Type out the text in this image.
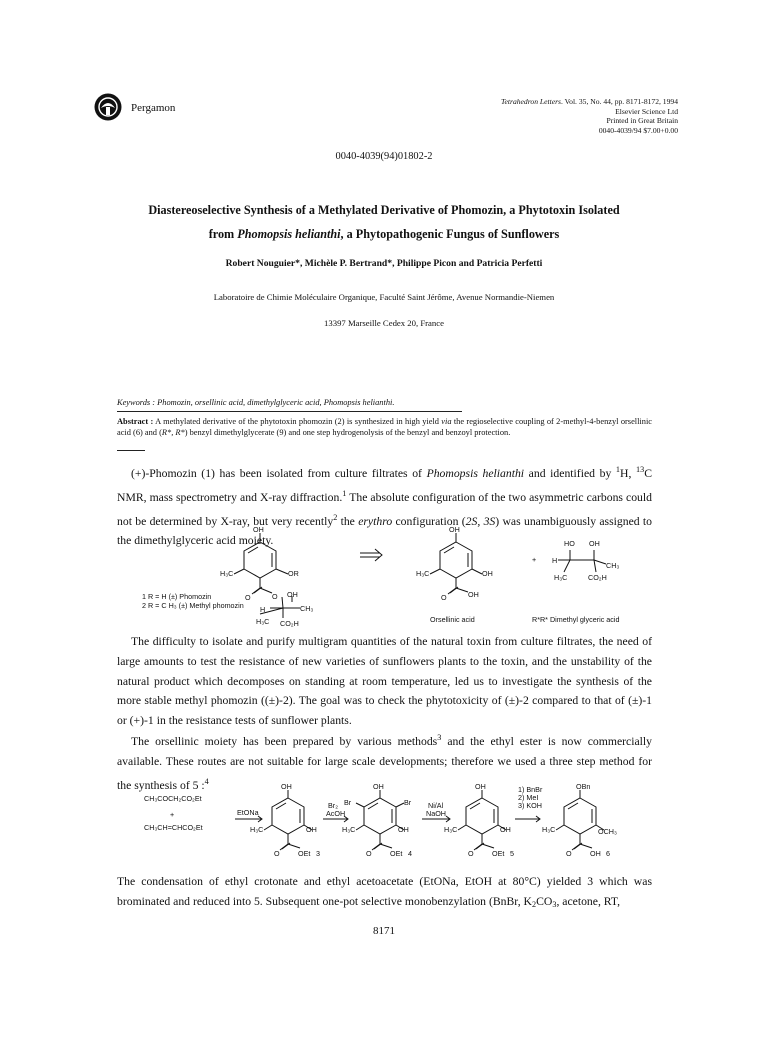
Pergamon
Tetrahedron Letters. Vol. 35, No. 44, pp. 8171-8172, 1994
Elsevier Science Ltd
Printed in Great Britain
0040-4039/94 $7.00+0.00
0040-4039(94)01802-2
Diastereoselective Synthesis of a Methylated Derivative of Phomozin, a Phytotoxin Isolated
from Phomopsis helianthi, a Phytopathogenic Fungus of Sunflowers
Robert Nouguier*, Michèle P. Bertrand*, Philippe Picon and Patricia Perfetti
Laboratoire de Chimie Moléculaire Organique, Faculté Saint Jérôme, Avenue Normandie-Niemen
13397 Marseille Cedex 20, France
Keywords : Phomozin, orsellinic acid, dimethylglyceric acid, Phomopsis helianthi.
Abstract : A methylated derivative of the phytotoxin phomozin (2) is synthesized in high yield via the regioselective coupling of 2-methyl-4-benzyl orsellinic acid (6) and (R*, R*) benzyl dimethylglycerate (9) and one step hydrogenolysis of the benzyl and benzoyl protection.
(+)-Phomozin (1) has been isolated from culture filtrates of Phomopsis helianthi and identified by $^1$H, $^{13}$C NMR, mass spectrometry and X-ray diffraction.$^1$ The absolute configuration of the two asymmetric carbons could not be determined by X-ray, but very recently$^2$ the erythro configuration (2S, 3S) was unambiguously assigned to the dimethylglyceric acid moiety.
OH
H₃C	OR
O	O OH
H	CH₃
H₃C CO₂H
OH
H₃C	OH
O	OH
+
HO OH
H
CH₃
H₃C	CO₂H
1 R = H (±) Phomozin
2 R = C H₃ (±) Methyl phomozin
Orsellinic acid	R*R* Dimethyl glyceric acid
The difficulty to isolate and purify multigram quantities of the natural toxin from culture filtrates, the need of large amounts to test the resistance of new varieties of sunflowers plants to the toxin, and the unstability of the natural product which decomposes on standing at room temperature, led us to investigate the synthesis of the more stable methyl phomozin ((±)-2). The goal was to check the phytotoxicity of (±)-2 compared to that of (±)-1 or (+)-1 in the resistance tests of sunflower plants.
The orsellinic moiety has been prepared by various methods$^3$ and the ethyl ester is now commercially available. These routes are not suitable for large scale developments; therefore we used a three step method for the synthesis of 5 :$^4$
CH₃COCH₂CO₂Et
+
CH₃CH=CHCO₂Et
EtONa
OH
H₃C	OH
O	OEt 3
Br₂
AcOH
OH
Br	Br
H₃C	OH
O	OEt 4
Ni/Al
NaOH
OH
H₃C	OH
O	OEt 5
1) BnBr
2) MeI
3) KOH
OBn
H₃C	OCH₃
O	OH 6
The condensation of ethyl crotonate and ethyl acetoacetate (EtONa, EtOH at 80°C) yielded 3 which was brominated and reduced into 5. Subsequent one-pot selective monobenzylation (BnBr, $K_2CO_3$, acetone, RT,
8171
